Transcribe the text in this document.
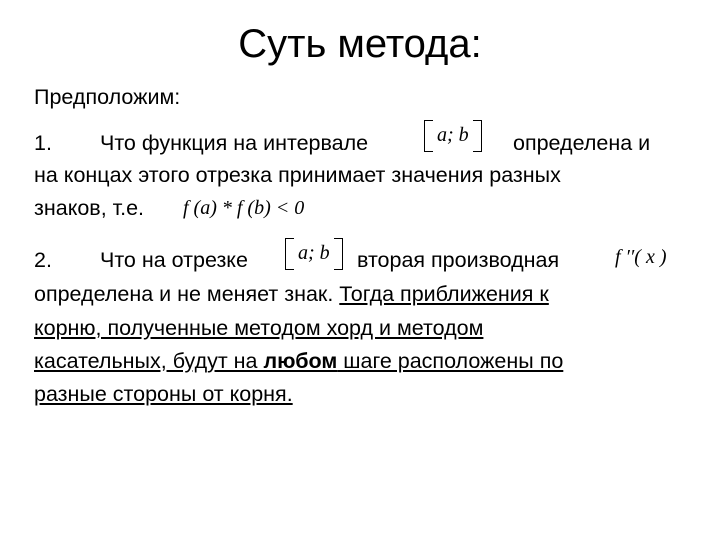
Суть метода:
Предположим:
1. Что функция на интервале	a; b	определена и
на концах этого отрезка принимает значения разных
знаков, т.е. f (a) * f (b) < 0
2. Что на отрезке	a; b	вторая производная	f ′′( x )
определена и не меняет знак. Тогда приближения к
корню, полученные методом хорд и методом
касательных, будут на любом шаге расположены по
разные стороны от корня.
